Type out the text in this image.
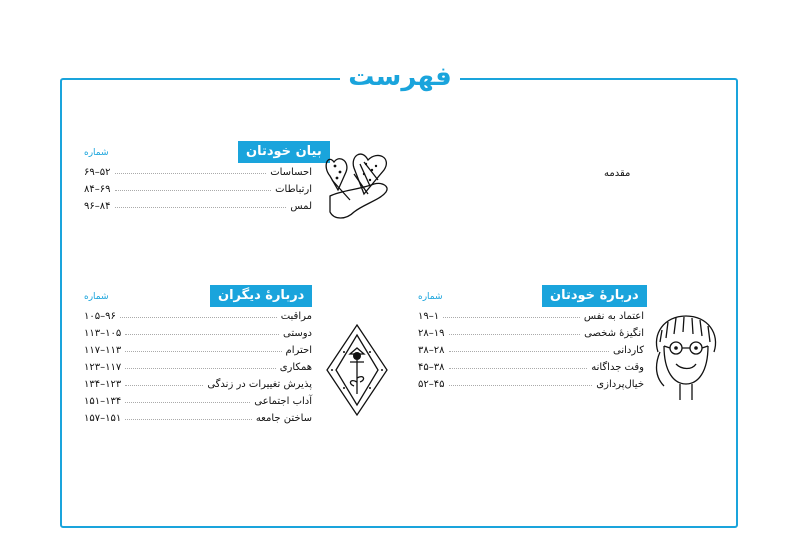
فهرست
مقدمه
بیان خودتان
شماره
احساسات
۵۲–۶۹
ارتباطات
۶۹–۸۴
لمس
۸۴–۹۶
دربارهٔ دیگران
شماره
مراقبت
۹۶–۱۰۵
دوستی
۱۰۵–۱۱۳
احترام
۱۱۳–۱۱۷
همکاری
۱۱۷–۱۲۳
پذیرش تغییرات در زندگی
۱۲۳–۱۳۴
آداب اجتماعی
۱۳۴–۱۵۱
ساختن جامعه
۱۵۱–۱۵۷
دربارهٔ خودتان
شماره
اعتماد به نفس
۱–۱۹
انگیزهٔ شخصی
۱۹–۲۸
کاردانی
۲۸–۳۸
وقت جداگانه
۳۸–۴۵
خیال‌پردازی
۴۵–۵۲
